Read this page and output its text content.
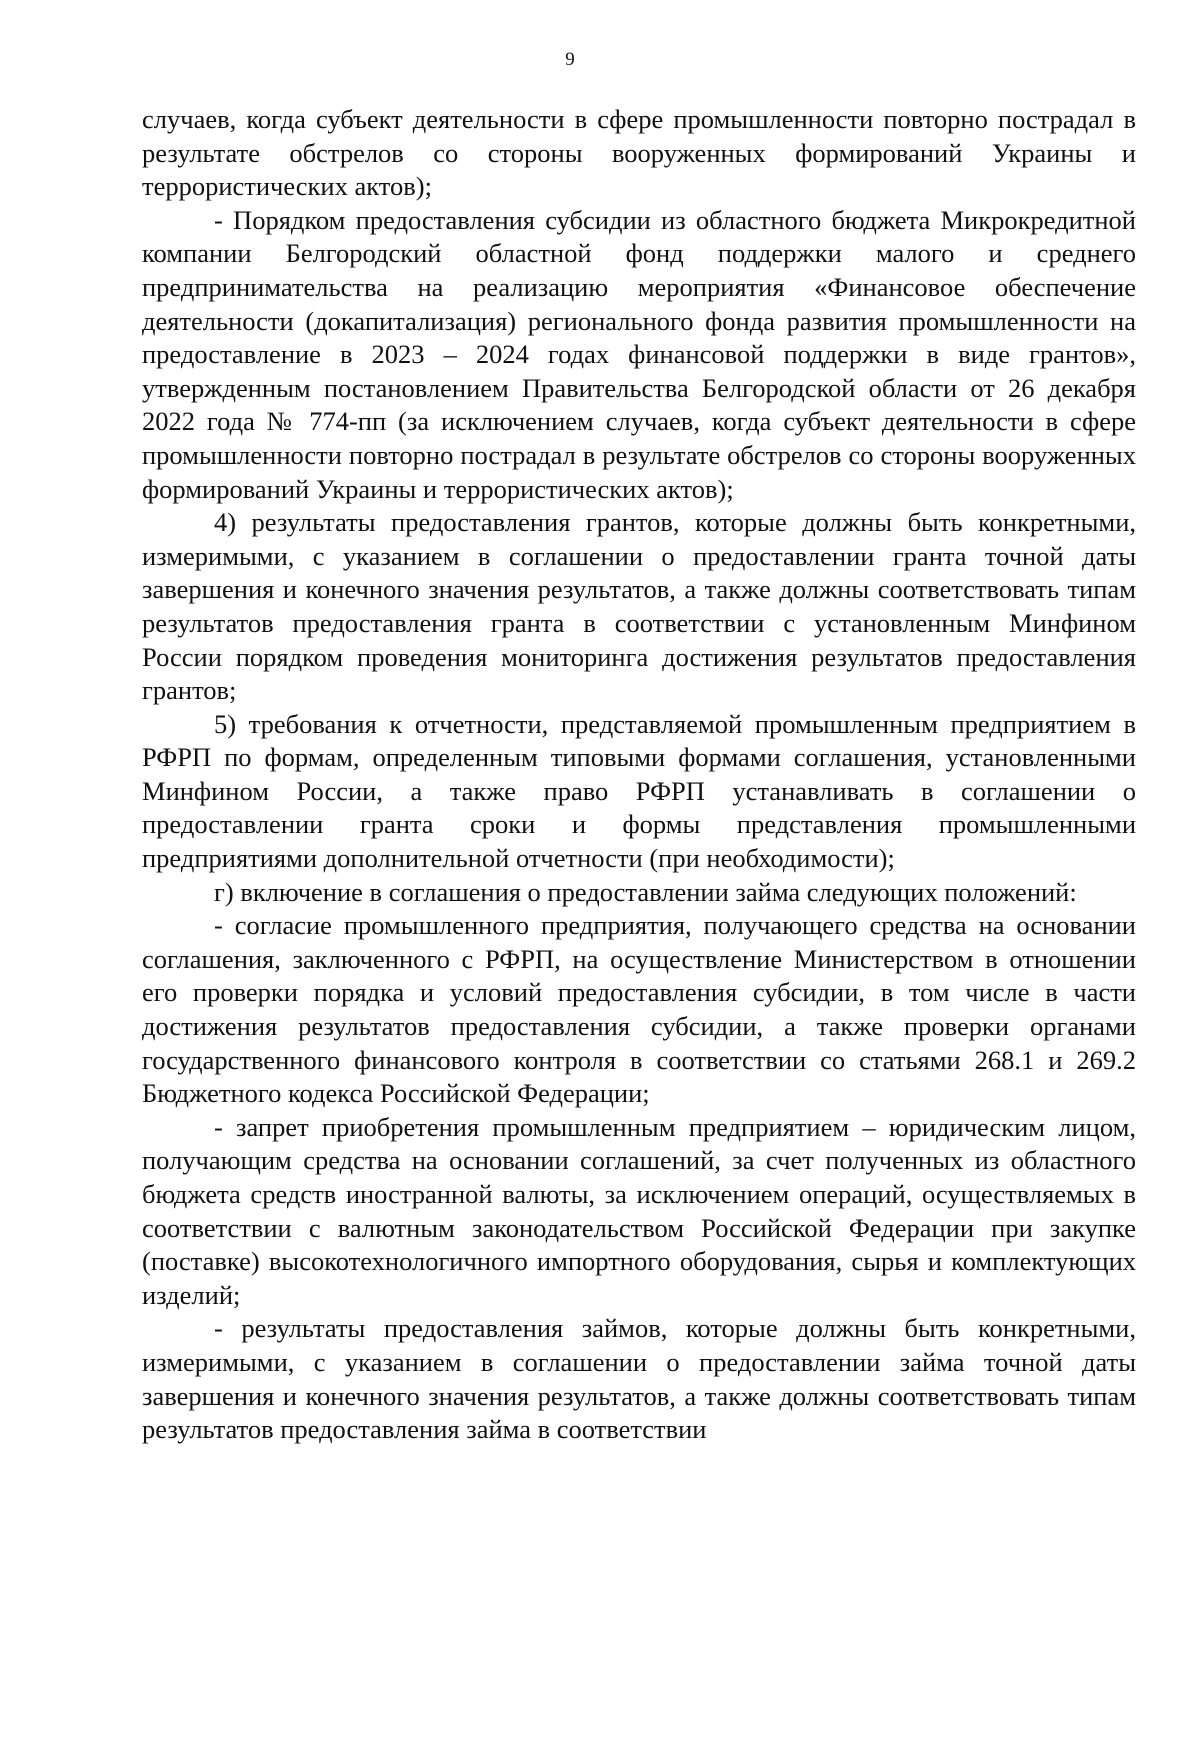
9

случаев, когда субъект деятельности в сфере промышленности повторно пострадал в результате обстрелов со стороны вооруженных формирований Украины и террористических актов);

- Порядком предоставления субсидии из областного бюджета Микрокредитной компании Белгородский областной фонд поддержки малого и среднего предпринимательства на реализацию мероприятия «Финансовое обеспечение деятельности (докапитализация) регионального фонда развития промышленности на предоставление в 2023 – 2024 годах финансовой поддержки в виде грантов», утвержденным постановлением Правительства Белгородской области от 26 декабря 2022 года № 774-пп (за исключением случаев, когда субъект деятельности в сфере промышленности повторно пострадал в результате обстрелов со стороны вооруженных формирований Украины и террористических актов);

4) результаты предоставления грантов, которые должны быть конкретными, измеримыми, с указанием в соглашении о предоставлении гранта точной даты завершения и конечного значения результатов, а также должны соответствовать типам результатов предоставления гранта в соответствии с установленным Минфином России порядком проведения мониторинга достижения результатов предоставления грантов;

5) требования к отчетности, представляемой промышленным предприятием в РФРП по формам, определенным типовыми формами соглашения, установленными Минфином России, а также право РФРП устанавливать в соглашении о предоставлении гранта сроки и формы представления промышленными предприятиями дополнительной отчетности (при необходимости);

г) включение в соглашения о предоставлении займа следующих положений:

- согласие промышленного предприятия, получающего средства на основании соглашения, заключенного с РФРП, на осуществление Министерством в отношении его проверки порядка и условий предоставления субсидии, в том числе в части достижения результатов предоставления субсидии, а также проверки органами государственного финансового контроля в соответствии со статьями 268.1 и 269.2 Бюджетного кодекса Российской Федерации;

- запрет приобретения промышленным предприятием – юридическим лицом, получающим средства на основании соглашений, за счет полученных из областного бюджета средств иностранной валюты, за исключением операций, осуществляемых в соответствии с валютным законодательством Российской Федерации при закупке (поставке) высокотехнологичного импортного оборудования, сырья и комплектующих изделий;

- результаты предоставления займов, которые должны быть конкретными, измеримыми, с указанием в соглашении о предоставлении займа точной даты завершения и конечного значения результатов, а также должны соответствовать типам результатов предоставления займа в соответствии
